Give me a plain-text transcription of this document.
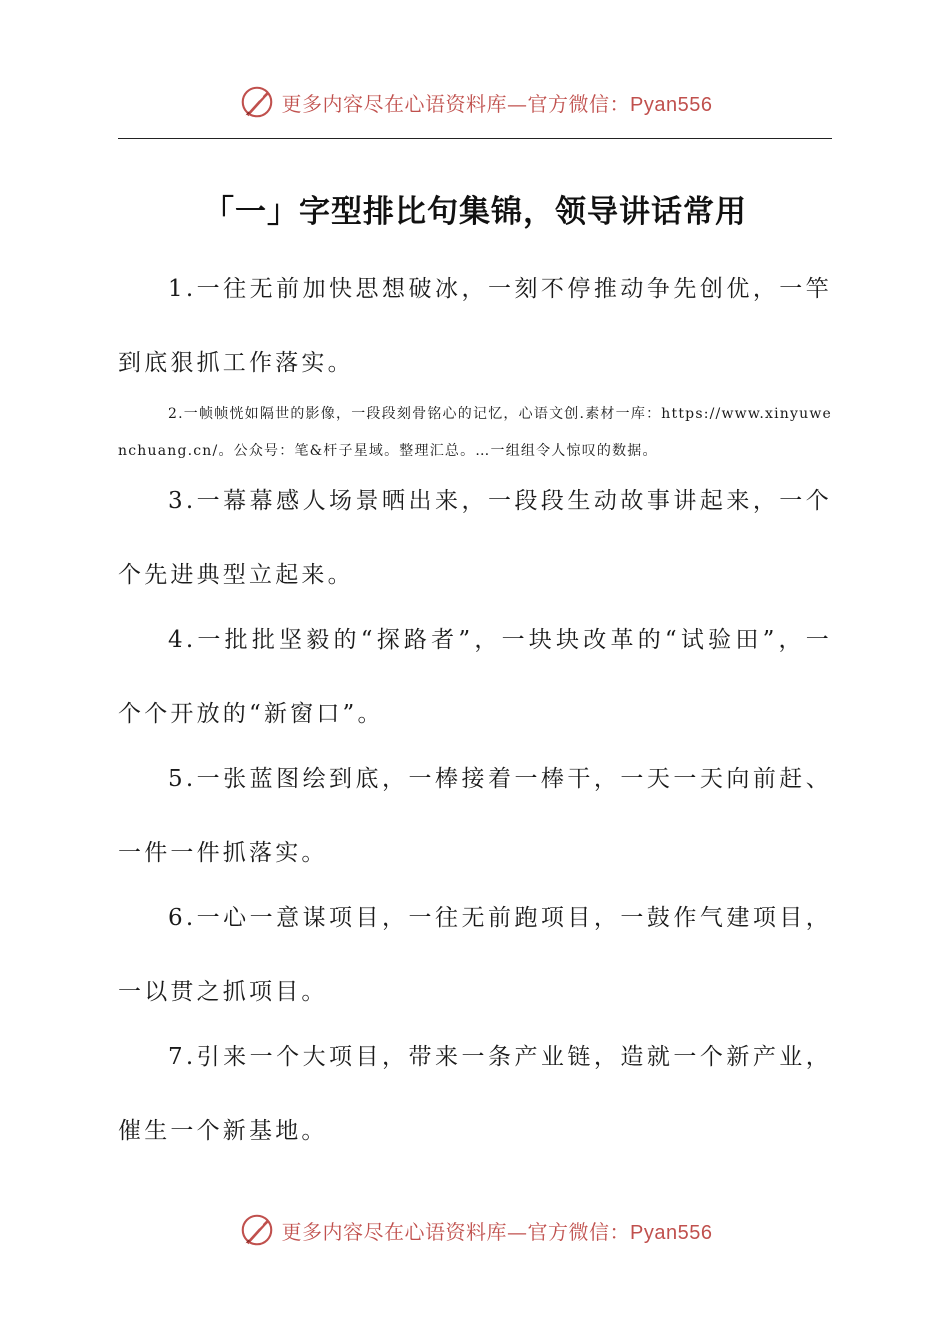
更多内容尽在心语资料库—官方微信：Pyan556
「一」字型排比句集锦，领导讲话常用

1.一往无前加快思想破冰，一刻不停推动争先创优，一竿到底狠抓工作落实。

2.一帧帧恍如隔世的影像，一段段刻骨铭心的记忆，心语文创.素材一库：https://www.xinyuwenchuang.cn/。公众号：笔&杆子星域。整理汇总。…一组组令人惊叹的数据。

3.一幕幕感人场景晒出来，一段段生动故事讲起来，一个个先进典型立起来。

4.一批批坚毅的“探路者”，一块块改革的“试验田”，一个个开放的“新窗口”。

5.一张蓝图绘到底，一棒接着一棒干，一天一天向前赶、一件一件抓落实。

6.一心一意谋项目，一往无前跑项目，一鼓作气建项目，一以贯之抓项目。

7.引来一个大项目，带来一条产业链，造就一个新产业，催生一个新基地。

更多内容尽在心语资料库—官方微信：Pyan556
